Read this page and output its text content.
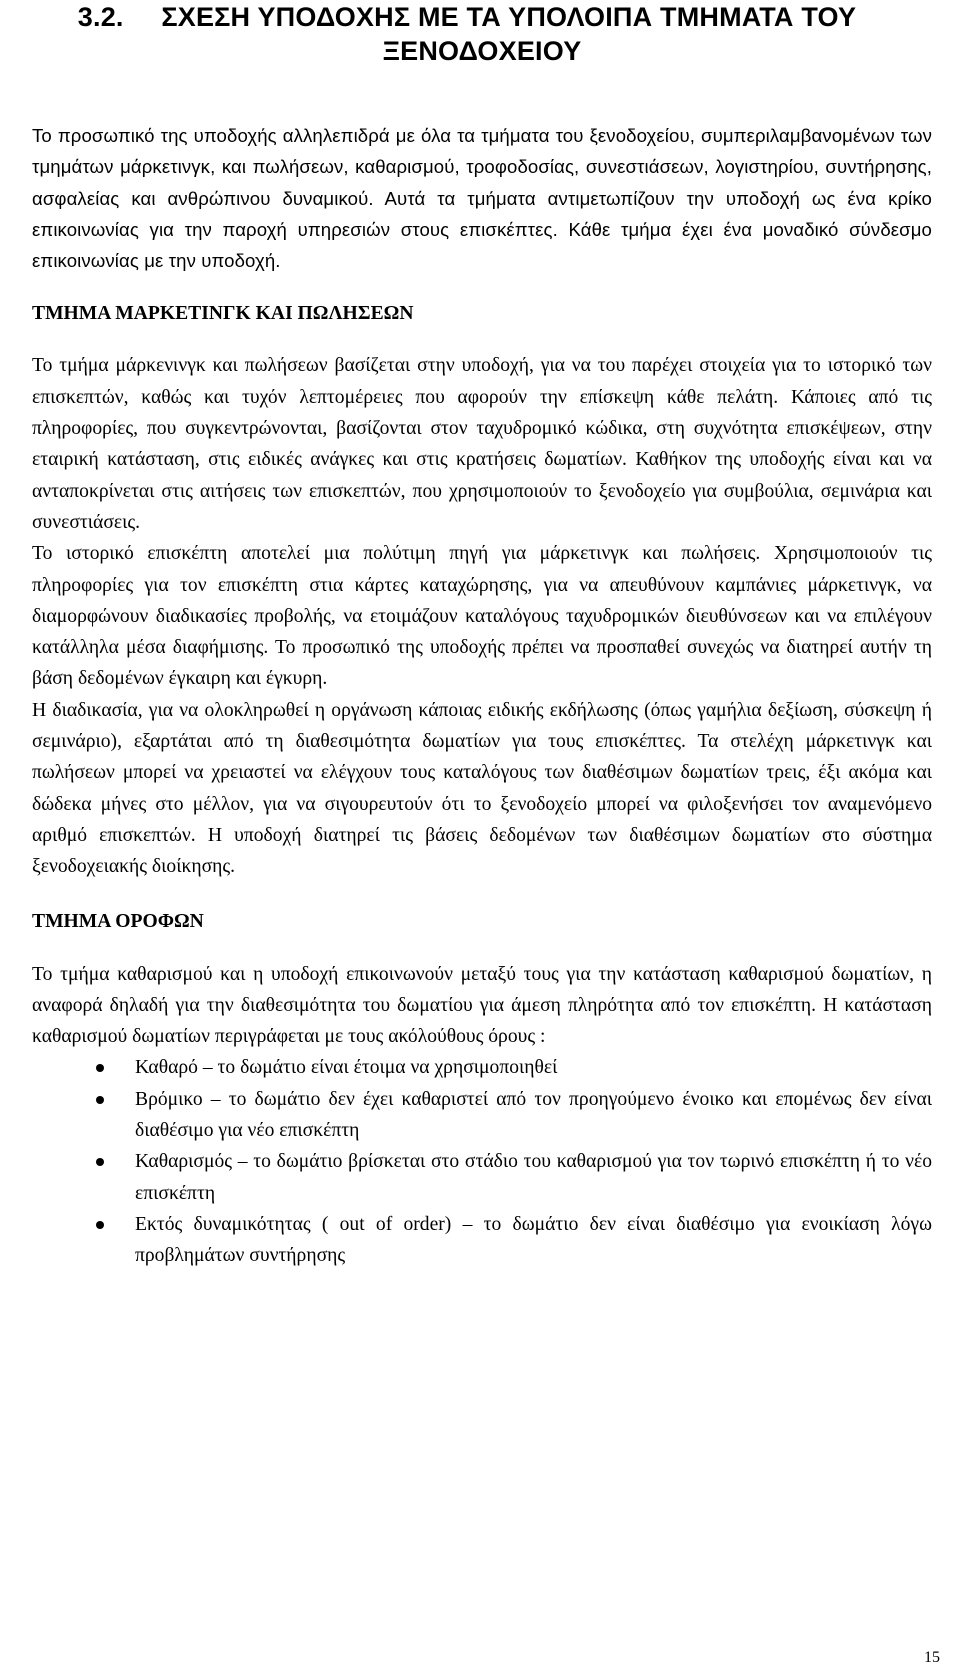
3.2. ΣΧΕΣΗ ΥΠΟΔΟΧΗΣ ΜΕ ΤΑ ΥΠΟΛΟΙΠΑ ΤΜΗΜΑΤΑ ΤΟΥ
ΞΕΝΟΔΟΧΕΙΟΥ

Το προσωπικό της υποδοχής αλληλεπιδρά με όλα τα τμήματα του ξενοδοχείου, συμπεριλαμβανομένων των τμημάτων μάρκετινγκ, και πωλήσεων, καθαρισμού, τροφοδοσίας, συνεστιάσεων, λογιστηρίου, συντήρησης, ασφαλείας και ανθρώπινου δυναμικού. Αυτά τα τμήματα αντιμετωπίζουν την υποδοχή ως ένα κρίκο επικοινωνίας για την παροχή υπηρεσιών στους επισκέπτες. Κάθε τμήμα έχει ένα μοναδικό σύνδεσμο επικοινωνίας με την υποδοχή.

ΤΜΗΜΑ ΜΑΡΚΕΤΙΝΓΚ ΚΑΙ ΠΩΛΗΣΕΩΝ

Το τμήμα μάρκενινγκ και πωλήσεων βασίζεται στην υποδοχή, για να του παρέχει στοιχεία για το ιστορικό των επισκεπτών, καθώς και τυχόν λεπτομέρειες που αφορούν την επίσκεψη κάθε πελάτη. Κάποιες από τις πληροφορίες, που συγκεντρώνονται, βασίζονται στον ταχυδρομικό κώδικα, στη συχνότητα επισκέψεων, στην εταιρική κατάσταση, στις ειδικές ανάγκες και στις κρατήσεις δωματίων. Καθήκον της υποδοχής είναι και να ανταποκρίνεται στις αιτήσεις των επισκεπτών, που χρησιμοποιούν το ξενοδοχείο για συμβούλια, σεμινάρια και συνεστιάσεις.

Το ιστορικό επισκέπτη αποτελεί μια πολύτιμη πηγή για μάρκετινγκ και πωλήσεις. Χρησιμοποιούν τις πληροφορίες για τον επισκέπτη στια κάρτες καταχώρησης, για να απευθύνουν καμπάνιες μάρκετινγκ, να διαμορφώνουν διαδικασίες προβολής, να ετοιμάζουν καταλόγους ταχυδρομικών διευθύνσεων και να επιλέγουν κατάλληλα μέσα διαφήμισης. Το προσωπικό της υποδοχής πρέπει να προσπαθεί συνεχώς να διατηρεί αυτήν τη βάση δεδομένων έγκαιρη και έγκυρη.

Η διαδικασία, για να ολοκληρωθεί η οργάνωση κάποιας ειδικής εκδήλωσης (όπως γαμήλια δεξίωση, σύσκεψη ή σεμινάριο), εξαρτάται από τη διαθεσιμότητα δωματίων για τους επισκέπτες. Τα στελέχη μάρκετινγκ και πωλήσεων μπορεί να χρειαστεί να ελέγχουν τους καταλόγους των διαθέσιμων δωματίων τρεις, έξι ακόμα και δώδεκα μήνες στο μέλλον, για να σιγουρευτούν ότι το ξενοδοχείο μπορεί να φιλοξενήσει τον αναμενόμενο αριθμό επισκεπτών. Η υποδοχή διατηρεί τις βάσεις δεδομένων των διαθέσιμων δωματίων στο σύστημα ξενοδοχειακής διοίκησης.

ΤΜΗΜΑ ΟΡΟΦΩΝ

Το τμήμα καθαρισμού και η υποδοχή επικοινωνούν μεταξύ τους για την κατάσταση καθαρισμού δωματίων, η αναφορά δηλαδή για την διαθεσιμότητα του δωματίου για άμεση πληρότητα από τον επισκέπτη. Η κατάσταση καθαρισμού δωματίων περιγράφεται με τους ακόλούθους όρους :

Καθαρό – το δωμάτιο είναι έτοιμα να χρησιμοποιηθεί
Βρόμικο – το δωμάτιο δεν έχει καθαριστεί από τον προηγούμενο ένοικο και επομένως δεν είναι διαθέσιμο για νέο επισκέπτη
Καθαρισμός – το δωμάτιο βρίσκεται στο στάδιο του καθαρισμού για τον τωρινό επισκέπτη ή το νέο επισκέπτη
Εκτός δυναμικότητας ( out of order) – το δωμάτιο δεν είναι διαθέσιμο για ενοικίαση λόγω προβλημάτων συντήρησης
15
